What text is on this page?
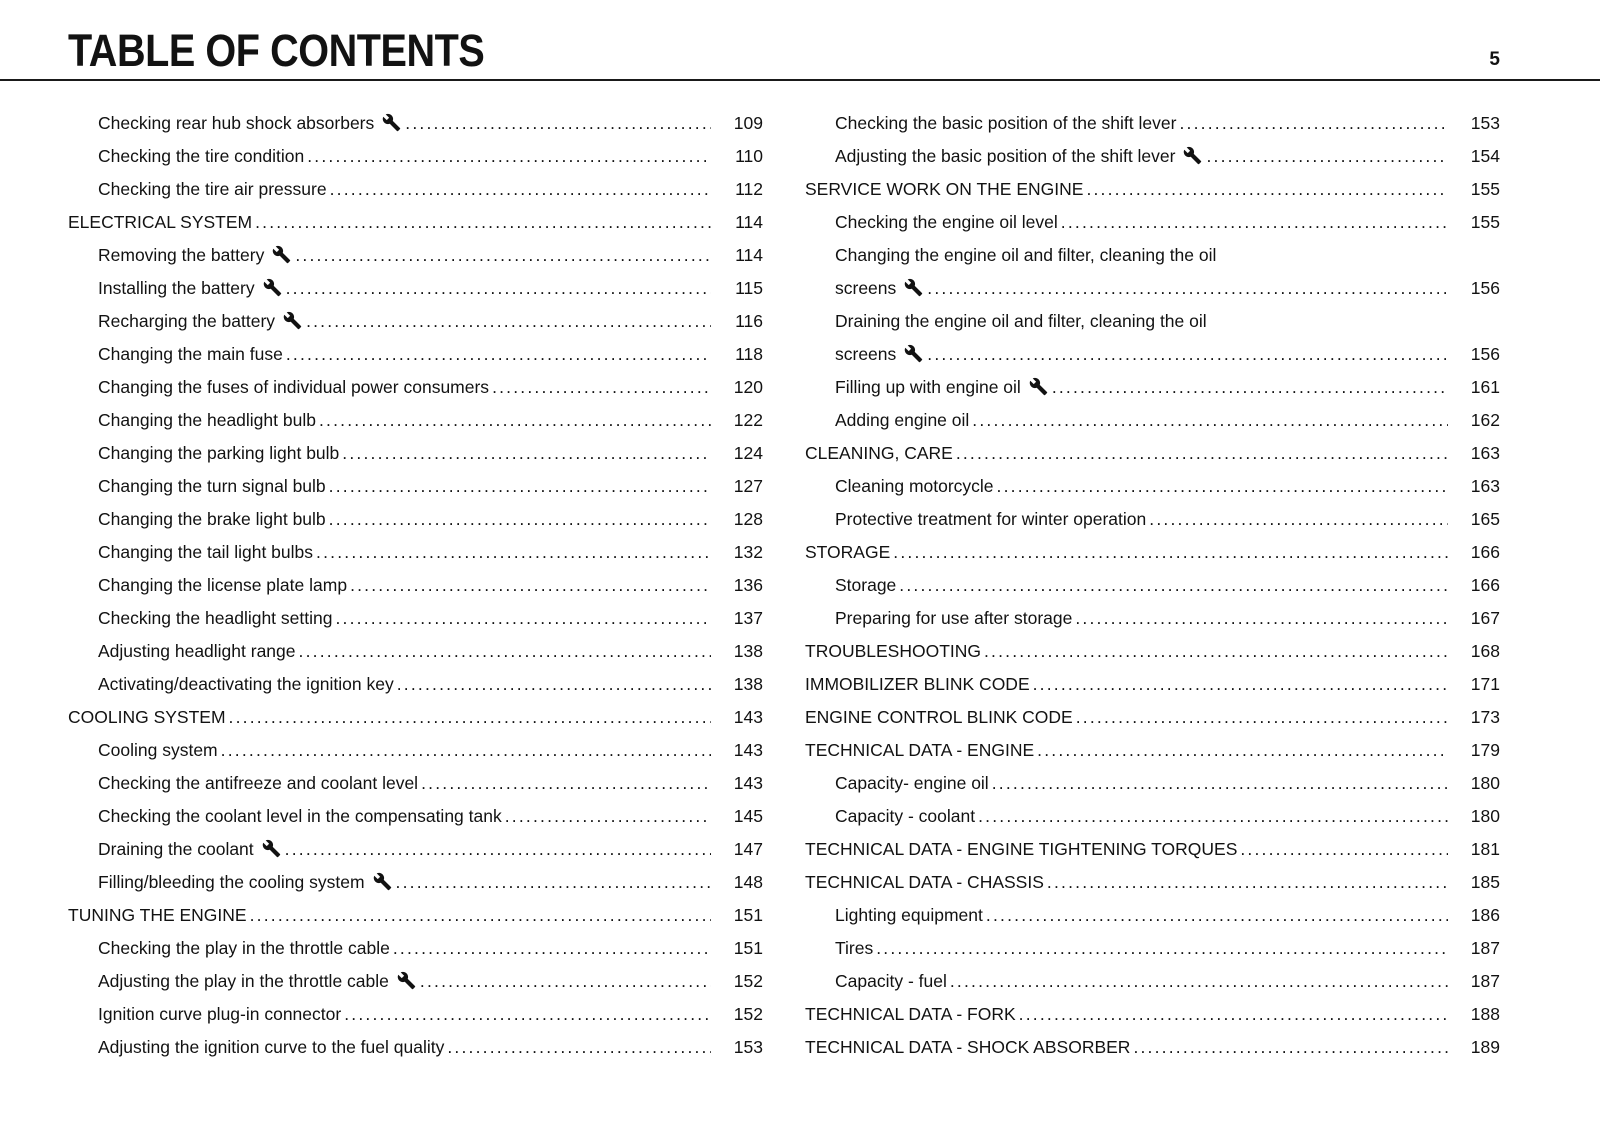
TABLE OF CONTENTS	5
Checking rear hub shock absorbers .....	109
Checking the tire condition .....	110
Checking the tire air pressure .....	112
ELECTRICAL SYSTEM .....	114
Removing the battery .....	114
Installing the battery .....	115
Recharging the battery .....	116
Changing the main fuse .....	118
Changing the fuses of individual power consumers .....	120
Changing the headlight bulb .....	122
Changing the parking light bulb .....	124
Changing the turn signal bulb .....	127
Changing the brake light bulb .....	128
Changing the tail light bulbs .....	132
Changing the license plate lamp .....	136
Checking the headlight setting .....	137
Adjusting headlight range .....	138
Activating/deactivating the ignition key .....	138
COOLING SYSTEM .....	143
Cooling system .....	143
Checking the antifreeze and coolant level .....	143
Checking the coolant level in the compensating tank .....	145
Draining the coolant .....	147
Filling/bleeding the cooling system .....	148
TUNING THE ENGINE .....	151
Checking the play in the throttle cable .....	151
Adjusting the play in the throttle cable .....	152
Ignition curve plug-in connector .....	152
Adjusting the ignition curve to the fuel quality .....	153
Checking the basic position of the shift lever .....	153
Adjusting the basic position of the shift lever .....	154
SERVICE WORK ON THE ENGINE .....	155
Checking the engine oil level .....	155
Changing the engine oil and filter, cleaning the oil
screens .....	156
Draining the engine oil and filter, cleaning the oil
screens .....	156
Filling up with engine oil .....	161
Adding engine oil .....	162
CLEANING, CARE .....	163
Cleaning motorcycle .....	163
Protective treatment for winter operation .....	165
STORAGE .....	166
Storage .....	166
Preparing for use after storage .....	167
TROUBLESHOOTING .....	168
IMMOBILIZER BLINK CODE .....	171
ENGINE CONTROL BLINK CODE .....	173
TECHNICAL DATA - ENGINE .....	179
Capacity- engine oil .....	180
Capacity - coolant .....	180
TECHNICAL DATA - ENGINE TIGHTENING TORQUES .....	181
TECHNICAL DATA - CHASSIS .....	185
Lighting equipment .....	186
Tires .....	187
Capacity - fuel .....	187
TECHNICAL DATA - FORK .....	188
TECHNICAL DATA - SHOCK ABSORBER .....	189
